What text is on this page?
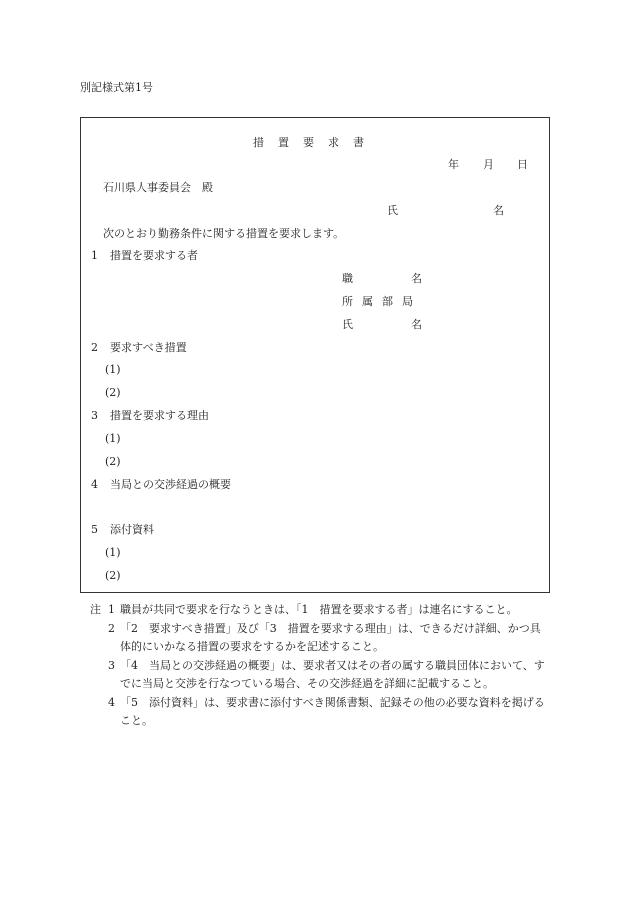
別記様式第1号
措置要求書
年 月 日
石川県人事委員会　殿
氏	名
次のとおり勤務条件に関する措置を要求します。
1 措置を要求する者
職	名
所属部局
氏	名
2 要求すべき措置
(1)
(2)
3 措置を要求する理由
(1)
(2)
4 当局との交渉経過の概要
5 添付資料
(1)
(2)
注 1 職員が共同で要求を行なうときは、「1　措置を要求する者」は連名にすること。
2 「2　要求すべき措置」及び「3　措置を要求する理由」は、できるだけ詳細、かつ具体的にいかなる措置の要求をするかを記述すること。
3 「4　当局との交渉経過の概要」は、要求者又はその者の属する職員団体において、すでに当局と交渉を行なつている場合、その交渉経過を詳細に記載すること。
4 「5　添付資料」は、要求書に添付すべき関係書類、記録その他の必要な資料を掲げること。
